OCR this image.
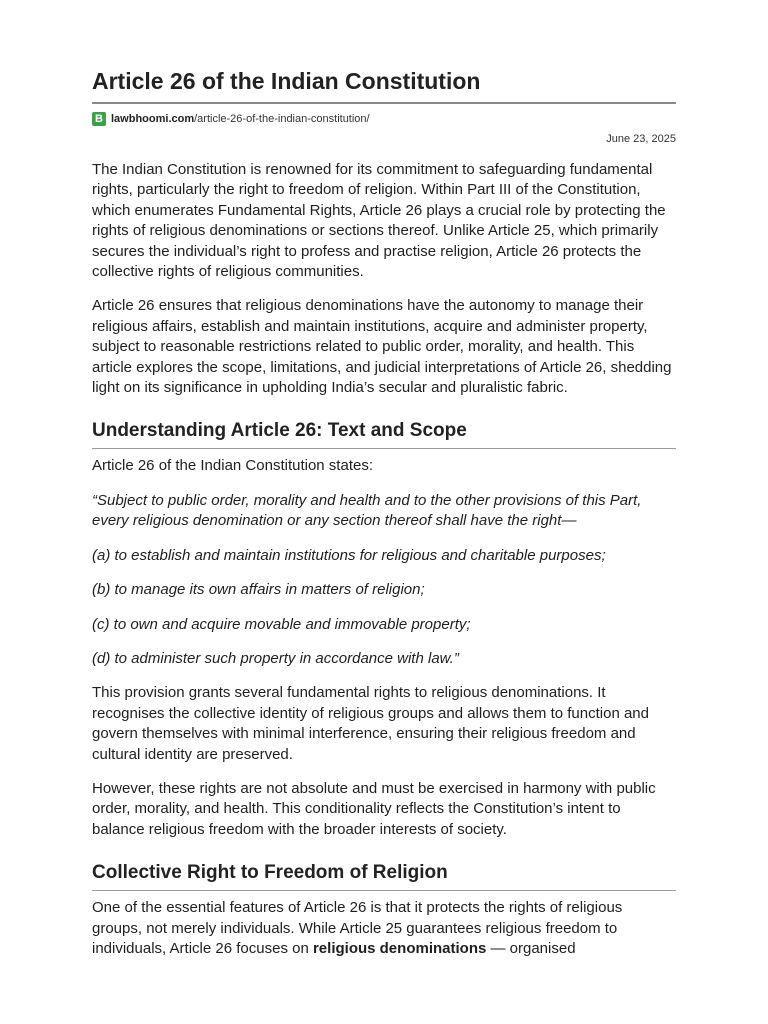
Article 26 of the Indian Constitution
B lawbhoomi.com/article-26-of-the-indian-constitution/
June 23, 2025

The Indian Constitution is renowned for its commitment to safeguarding fundamental rights, particularly the right to freedom of religion. Within Part III of the Constitution, which enumerates Fundamental Rights, Article 26 plays a crucial role by protecting the rights of religious denominations or sections thereof. Unlike Article 25, which primarily secures the individual’s right to profess and practise religion, Article 26 protects the collective rights of religious communities.

Article 26 ensures that religious denominations have the autonomy to manage their religious affairs, establish and maintain institutions, acquire and administer property, subject to reasonable restrictions related to public order, morality, and health. This article explores the scope, limitations, and judicial interpretations of Article 26, shedding light on its significance in upholding India’s secular and pluralistic fabric.

Understanding Article 26: Text and Scope

Article 26 of the Indian Constitution states:

“Subject to public order, morality and health and to the other provisions of this Part, every religious denomination or any section thereof shall have the right—

(a) to establish and maintain institutions for religious and charitable purposes;

(b) to manage its own affairs in matters of religion;

(c) to own and acquire movable and immovable property;

(d) to administer such property in accordance with law.”

This provision grants several fundamental rights to religious denominations. It recognises the collective identity of religious groups and allows them to function and govern themselves with minimal interference, ensuring their religious freedom and cultural identity are preserved.

However, these rights are not absolute and must be exercised in harmony with public order, morality, and health. This conditionality reflects the Constitution’s intent to balance religious freedom with the broader interests of society.

Collective Right to Freedom of Religion

One of the essential features of Article 26 is that it protects the rights of religious groups, not merely individuals. While Article 25 guarantees religious freedom to individuals, Article 26 focuses on religious denominations — organised
